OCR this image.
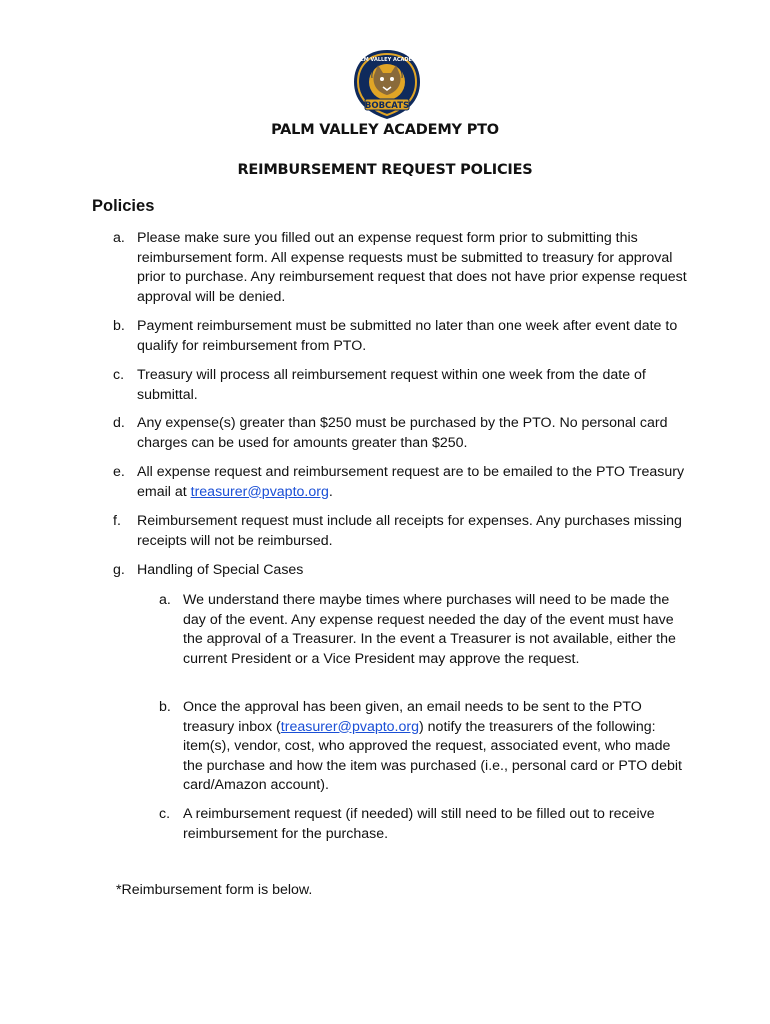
BOBCATS
PALM VALLEY ACADEMY
PALM VALLEY ACADEMY PTO
REIMBURSEMENT REQUEST POLICIES
Policies
a. Please make sure you filled out an expense request form prior to submitting this reimbursement form. All expense requests must be submitted to treasury for approval prior to purchase. Any reimbursement request that does not have prior expense request approval will be denied.
b. Payment reimbursement must be submitted no later than one week after event date to qualify for reimbursement from PTO.
c. Treasury will process all reimbursement request within one week from the date of submittal.
d. Any expense(s) greater than $250 must be purchased by the PTO. No personal card charges can be used for amounts greater than $250.
e. All expense request and reimbursement request are to be emailed to the PTO Treasury email at treasurer@pvapto.org.
f. Reimbursement request must include all receipts for expenses. Any purchases missing receipts will not be reimbursed.
g. Handling of Special Cases
a. We understand there maybe times where purchases will need to be made the day of the event. Any expense request needed the day of the event must have the approval of a Treasurer. In the event a Treasurer is not available, either the current President or a Vice President may approve the request.
b. Once the approval has been given, an email needs to be sent to the PTO treasury inbox (treasurer@pvapto.org) notify the treasurers of the following: item(s), vendor, cost, who approved the request, associated event, who made the purchase and how the item was purchased (i.e., personal card or PTO debit card/Amazon account).
c. A reimbursement request (if needed) will still need to be filled out to receive reimbursement for the purchase.
*Reimbursement form is below.
